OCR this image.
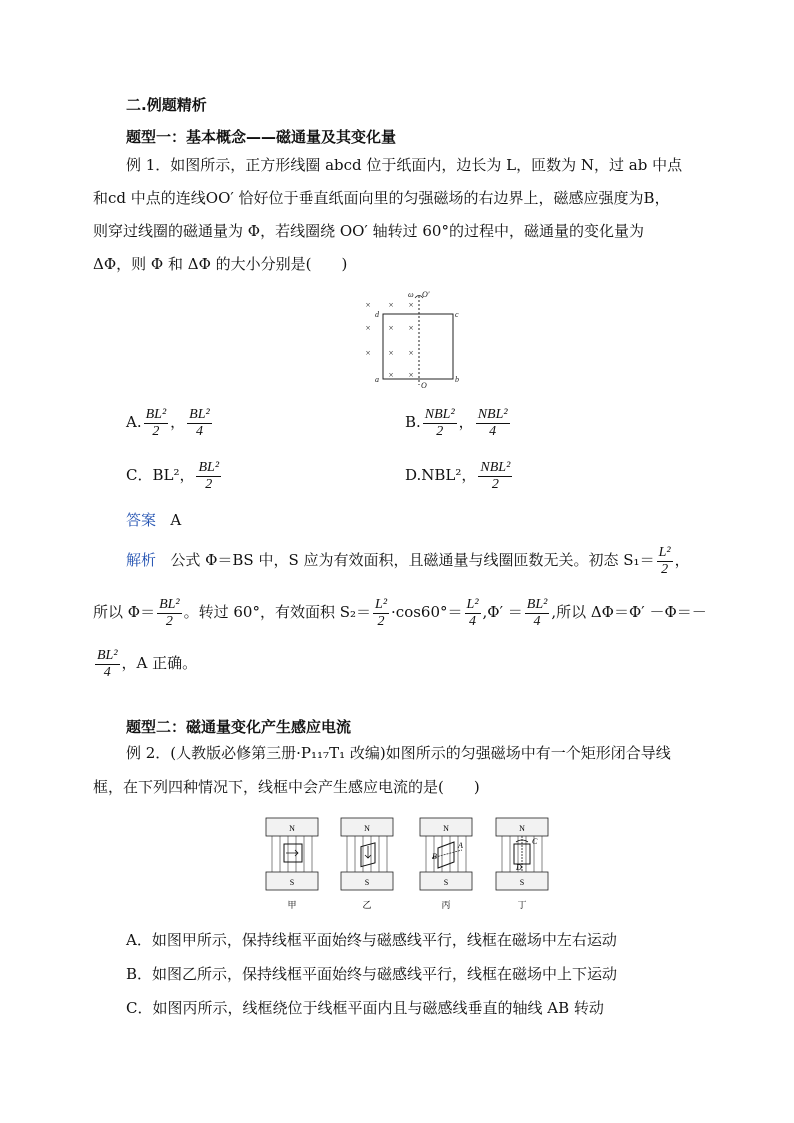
二.例题精析
题型一：基本概念——磁通量及其变化量
例 1．如图所示，正方形线圈 abcd 位于纸面内，边长为 L，匝数为 N，过 ab 中点
和cd 中点的连线OO′ 恰好位于垂直纸面向里的匀强磁场的右边界上，磁感应强度为B，
则穿过线圈的磁通量为 Φ，若线圈绕 OO′ 轴转过 60°的过程中，磁通量的变化量为
ΔΦ，则 Φ 和 ΔΦ 的大小分别是(　　)
× × ×
× × ×
× × ×
× ×
ω O′
d	c
a	b
O
A. $\frac{\text{BL²}}{2}$ ， $\frac{\text{BL²}}{4}$	B. $\frac{\text{NBL²}}{2}$ ， $\frac{\text{NBL²}}{4}$
C．BL²， $\frac{\text{BL²}}{2}$	D.NBL²， $\frac{\text{NBL²}}{2}$
答案 A
解析 公式 Φ＝BS 中，S 应为有效面积，且磁通量与线圈匝数无关。初态 $S_1= \frac{\text{L²}}{2}$ ，
所以 $\Phi= \frac{\text{BL²}}{2}$ 。转过 60°，有效面积 $S_2= \frac{\text{L²}}{2} \cdot\cos 60^\circ= \frac{\text{L²}}{4} ,\Phi' = \frac{\text{BL²}}{4}$ ,所以 ΔΦ＝Φ′ －Φ＝－
$\frac{\text{BL²}}{4}$ ，A 正确。
题型二：磁通量变化产生感应电流
例 2．(人教版必修第三册·P₁₁₇T₁ 改编)如图所示的匀强磁场中有一个矩形闭合导线
框，在下列四种情况下，线框中会产生感应电流的是(　　)
N
S
甲
N
S
乙
B
A
N
S
丙
C
D
N
S
丁
A．如图甲所示，保持线框平面始终与磁感线平行，线框在磁场中左右运动
B．如图乙所示，保持线框平面始终与磁感线平行，线框在磁场中上下运动
C．如图丙所示，线框绕位于线框平面内且与磁感线垂直的轴线 AB 转动
